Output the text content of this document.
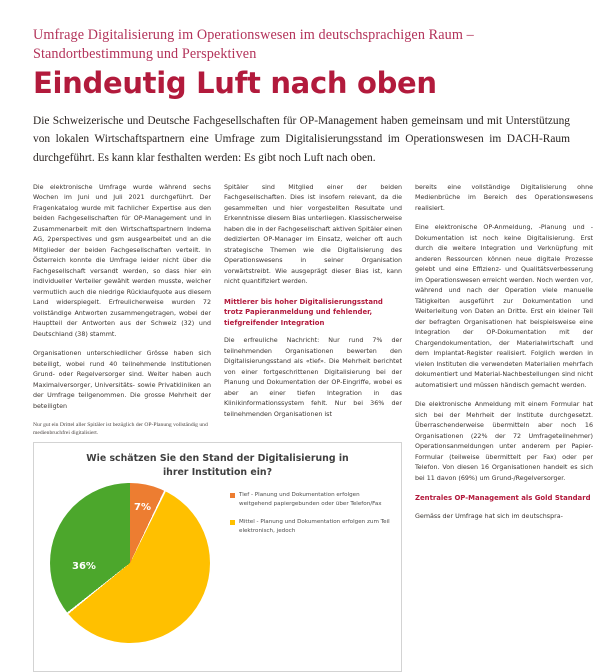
Umfrage Digitalisierung im Operationswesen im deutschsprachigen Raum – Standortbestimmung und Perspektiven
Eindeutig Luft nach oben

Die Schweizerische und Deutsche Fachgesellschaften für OP-Management haben gemeinsam und mit Unterstützung von lokalen Wirtschaftspartnern eine Umfrage zum Digitalisierungsstand im Operationswesen im DACH-Raum durchgeführt. Es kann klar festhalten werden: Es gibt noch Luft nach oben.

Die elektronische Umfrage wurde während sechs Wochen im Juni und Juli 2021 durchgeführt. Der Fragenkatalog wurde mit fachlicher Expertise aus den beiden Fachgesellschaften für OP-Management und in Zusammenarbeit mit den Wirtschaftspartnern Indema AG, 2perspectives und gsm ausgearbeitet und an die Mitglieder der beiden Fachgesellschaften verteilt. In Österreich konnte die Umfrage leider nicht über die Fachgesellschaft versandt werden, so dass hier ein individueller Verteiler gewählt werden musste, welcher vermutlich auch die niedrige Rücklaufquote aus diesem Land widerspiegelt. Erfreulicherweise wurden 72 vollständige Antworten zusammengetragen, wobei der Hauptteil der Antworten aus der Schweiz (32) und Deutschland (38) stammt.

Organisationen unterschiedlicher Grösse haben sich beteiligt, wobei rund 40 teilnehmende Institutionen Grund- oder Regelversorger sind. Weiter haben auch Maximalversorger, Universitäts- sowie Privatkliniken an der Umfrage teilgenommen. Die grosse Mehrheit der beteiligten

Nur gut ein Drittel aller Spitäler ist bezüglich der OP-Planung vollständig und medienbruchfrei digitalisiert.
Wie schätzen Sie den Stand der Digitalisierung in ihrer Institution ein?
7%
36%
Tief - Planung und Dokumentation erfolgen weitgehend papiergebunden oder über Telefon/Fax
Mittel - Planung und Dokumentation erfolgen zum Teil elektronisch, jedoch

Spitäler sind Mitglied einer der beiden Fachgesellschaften. Dies ist insofern relevant, da die gesammelten und hier vorgestellten Resultate und Erkenntnisse diesem Bias unterliegen. Klassischerweise haben die in der Fachgesellschaft aktiven Spitäler einen dedizierten OP-Manager im Einsatz, welcher oft auch strategische Themen wie die Digitalisierung des Operationswesens in seiner Organisation vorwärtstreibt. Wie ausgeprägt dieser Bias ist, kann nicht quantifiziert werden.

Mittlerer bis hoher Digitalisierungsstand trotz Papieranmeldung und fehlender, tiefgreifender Integration

Die erfreuliche Nachricht: Nur rund 7% der teilnehmenden Organisationen bewerten den Digitalisierungsstand als «tief». Die Mehrheit berichtet von einer fortgeschrittenen Digitalisierung bei der Planung und Dokumentation der OP-Eingriffe, wobei es aber an einer tiefen Integration in das Klinikinformationssystem fehlt. Nur bei 36% der teilnehmenden Organisationen ist

bereits eine vollständige Digitalisierung ohne Medienbrüche im Bereich des Operationswesens realisiert.

Eine elektronische OP-Anmeldung, -Planung und -Dokumentation ist noch keine Digitalisierung. Erst durch die weitere Integration und Verknüpfung mit anderen Ressourcen können neue digitale Prozesse gelebt und eine Effizienz- und Qualitätsverbesserung im Operationswesen erreicht werden. Noch werden vor, während und nach der Operation viele manuelle Tätigkeiten ausgeführt zur Dokumentation und Weiterleitung von Daten an Dritte. Erst ein kleiner Teil der befragten Organisationen hat beispielsweise eine Integration der OP-Dokumentation mit der Chargendokumentation, der Materialwirtschaft und dem Implantat-Register realisiert. Folglich werden in vielen Instituten die verwendeten Materialien mehrfach dokumentiert und Material-Nachbestellungen sind nicht automatisiert und müssen händisch gemacht werden.

Die elektronische Anmeldung mit einem Formular hat sich bei der Mehrheit der Institute durchgesetzt. Überraschenderweise übermitteln aber noch 16 Organisationen (22% der 72 Umfrageteilnehmer) Operationsanmeldungen unter anderem per Papier-Formular (teilweise übermittelt per Fax) oder per Telefon. Von diesen 16 Organisationen handelt es sich bei 11 davon (69%) um Grund-/Regelversorger.

Zentrales OP-Management als Gold Standard

Gemäss der Umfrage hat sich im deutschspra-
